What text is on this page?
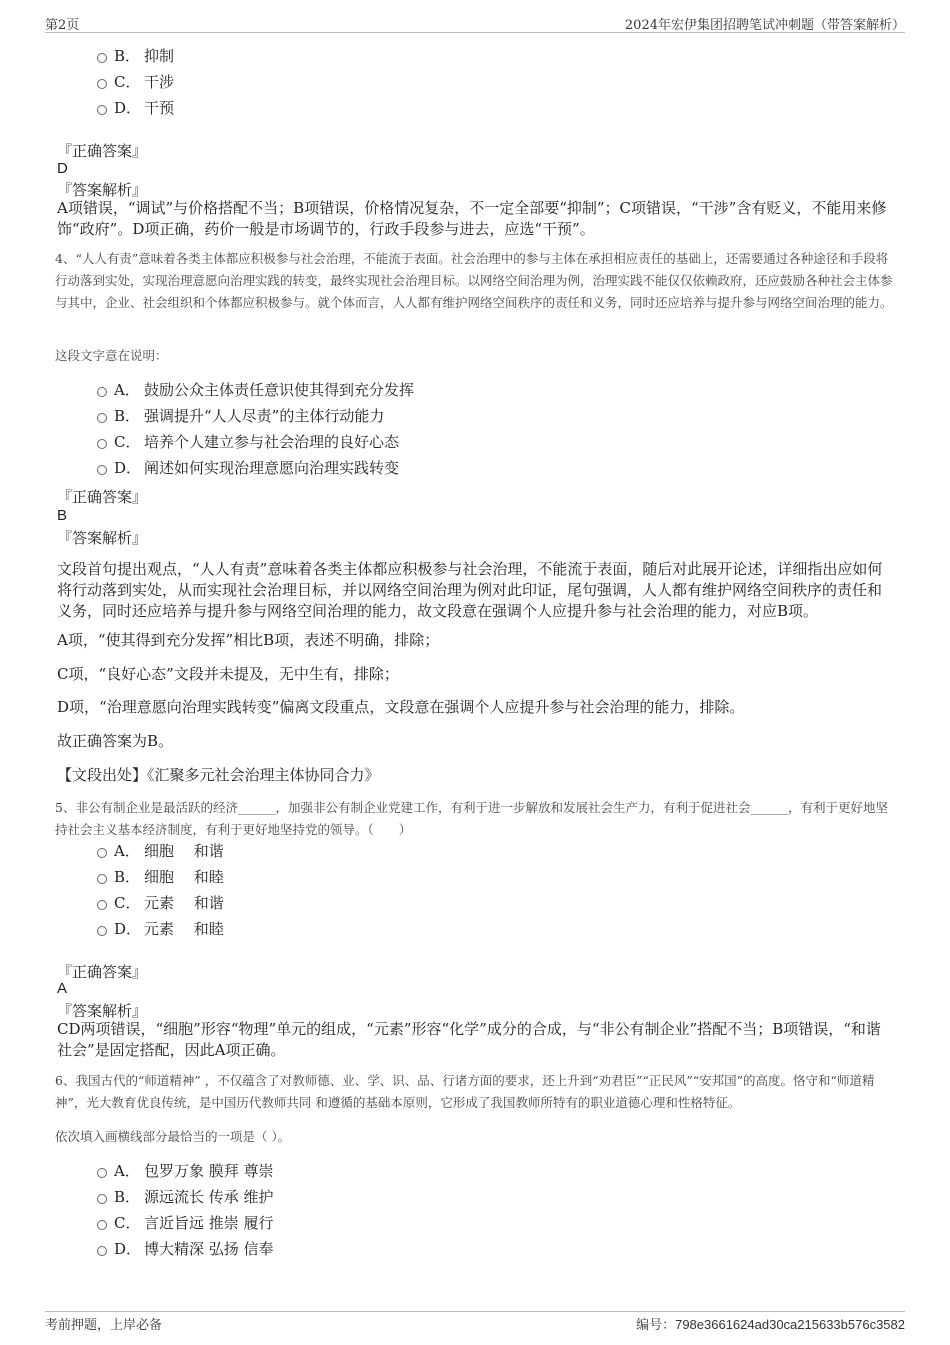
第2页	2024年宏伊集团招聘笔试冲刺题（带答案解析）
B． 抑制
C． 干涉
D． 干预
『正确答案』
D
『答案解析』
A项错误，“调试”与价格搭配不当；B项错误，价格情况复杂，不一定全部要“抑制”；C项错误，“干涉”含有贬义，不能用来修饰“政府”。D项正确，药价一般是市场调节的，行政手段参与进去，应选“干预”。
4、“人人有责”意味着各类主体都应积极参与社会治理，不能流于表面。社会治理中的参与主体在承担相应责任的基础上，还需要通过各种途径和手段将行动落到实处，实现治理意愿向治理实践的转变，最终实现社会治理目标。以网络空间治理为例，治理实践不能仅仅依赖政府，还应鼓励各种社会主体参与其中，企业、社会组织和个体都应积极参与。就个体而言，人人都有维护网络空间秩序的责任和义务，同时还应培养与提升参与网络空间治理的能力。
这段文字意在说明：
A． 鼓励公众主体责任意识使其得到充分发挥
B． 强调提升“人人尽责”的主体行动能力
C． 培养个人建立参与社会治理的良好心态
D． 阐述如何实现治理意愿向治理实践转变
『正确答案』
B
『答案解析』
文段首句提出观点，“人人有责”意味着各类主体都应积极参与社会治理，不能流于表面，随后对此展开论述，详细指出应如何将行动落到实处，从而实现社会治理目标，并以网络空间治理为例对此印证，尾句强调，人人都有维护网络空间秩序的责任和义务，同时还应培养与提升参与网络空间治理的能力，故文段意在强调个人应提升参与社会治理的能力，对应B项。
A项，“使其得到充分发挥”相比B项，表述不明确，排除；
C项，“良好心态”文段并未提及，无中生有，排除；
D项，“治理意愿向治理实践转变”偏离文段重点，文段意在强调个人应提升参与社会治理的能力，排除。
故正确答案为B。
【文段出处】《汇聚多元社会治理主体协同合力》
5、非公有制企业是最活跃的经济______，加强非公有制企业党建工作，有利于进一步解放和发展社会生产力，有利于促进社会______，有利于更好地坚持社会主义基本经济制度，有利于更好地坚持党的领导。（　　）
A． 细胞　 和谐
B． 细胞　 和睦
C． 元素　 和谐
D． 元素　 和睦
『正确答案』
A
『答案解析』
CD两项错误，“细胞”形容“物理”单元的组成，“元素”形容“化学”成分的合成，与“非公有制企业”搭配不当；B项错误，“和谐社会”是固定搭配，因此A项正确。
6、我国古代的“师道精神” ，不仅蕴含了对教师德、业、学、识、品、行诸方面的要求，还上升到“劝君臣”“正民风”“安邦国”的高度。恪守和“师道精神”，光大教育优良传统，是中国历代教师共同 和遵循的基础本原则，它形成了我国教师所特有的职业道德心理和性格特征。
依次填入画横线部分最恰当的一项是（ ）。
A． 包罗万象 膜拜 尊崇
B． 源远流长 传承 维护
C． 言近旨远 推崇 履行
D． 博大精深 弘扬 信奉
考前押题，上岸必备	编号：798e3661624ad30ca215633b576c3582
